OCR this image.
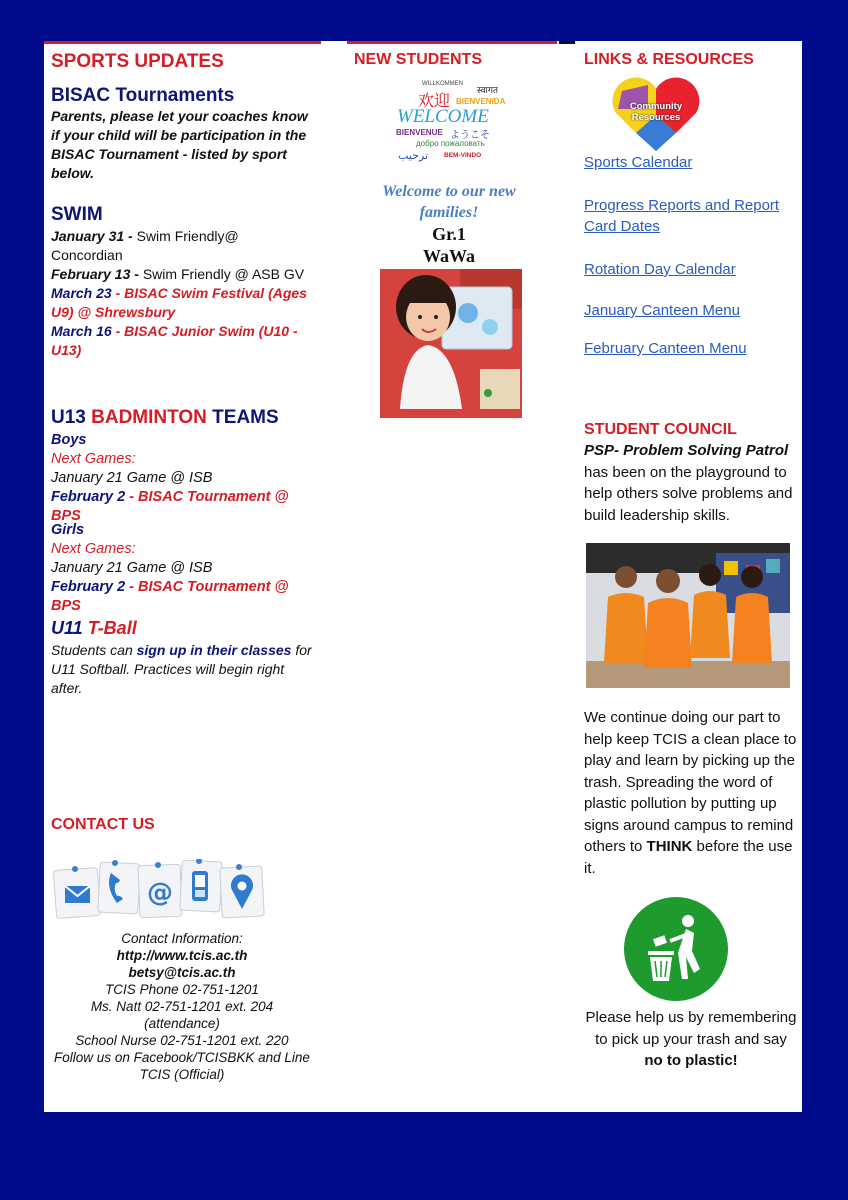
SPORTS UPDATES
BISAC Tournaments
Parents, please let your coaches know if your child will be participation in the BISAC Tournament - listed by sport below.
SWIM
January 31 - Swim Friendly@ Concordian
February 13 - Swim Friendly @ ASB GV
March 23 - BISAC Swim Festival (Ages U9) @ Shrewsbury
March 16 - BISAC Junior Swim (U10 - U13)
U13 BADMINTON TEAMS
Boys
Next Games:
January 21 Game @ ISB
February 2 - BISAC Tournament @ BPS
Girls
Next Games:
January 21 Game @ ISB
February 2 - BISAC Tournament @ BPS
U11 T-Ball
Students can sign up in their classes for U11 Softball. Practices will begin right after.
CONTACT US
@
Contact Information:
http://www.tcis.ac.th
betsy@tcis.ac.th
TCIS Phone 02-751-1201
Ms. Natt 02-751-1201 ext. 204
(attendance)
School Nurse 02-751-1201 ext. 220
Follow us on Facebook/TCISBKK and Line
TCIS (Official)
NEW STUDENTS
WILLKOMMEN
स्वागत
欢迎 BIENVENIDA
WELCOME
BIENVENUE ようこそ
добро пожаловать
ترحيب BEM-VINDO
Welcome to our new families!
Gr.1
WaWa
LINKS & RESOURCES
Community Resources
Sports Calendar
Progress Reports and Report Card Dates
Rotation Day Calendar
January Canteen Menu
February Canteen Menu
STUDENT COUNCIL
PSP- Problem Solving Patrol has been on the playground to help others solve problems and build leadership skills.
We continue doing our part to help keep TCIS a clean place to play and learn by picking up the trash. Spreading the word of plastic pollution by putting up signs around campus to remind others to THINK before the use it.
Please help us by remembering to pick up your trash and say no to plastic!
